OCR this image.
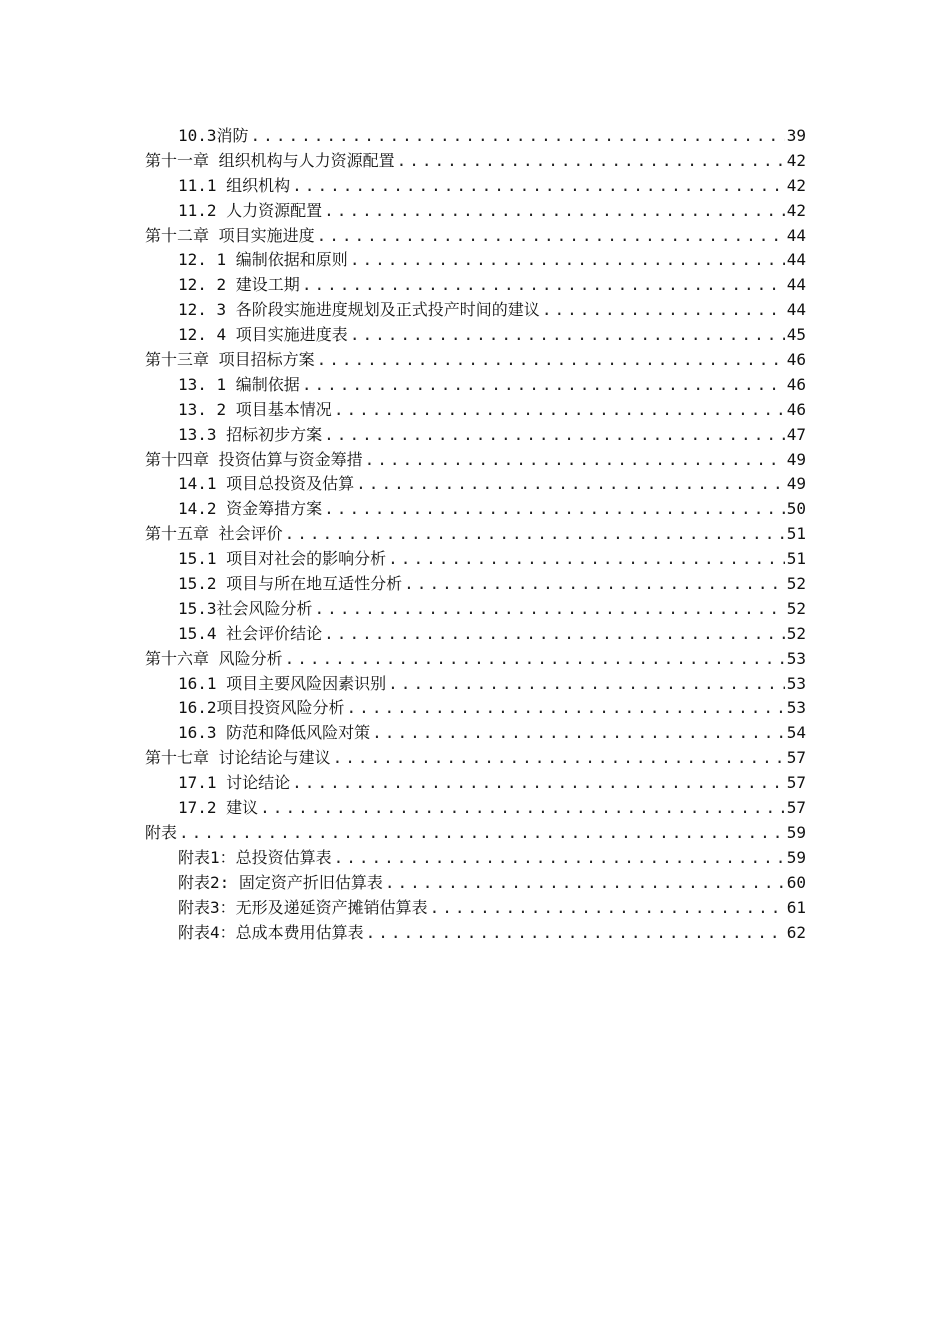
10.3消防 .....	39
第十一章 组织机构与人力资源配置 .....	42
11.1 组织机构 .....	42
11.2 人力资源配置 .....	42
第十二章 项目实施进度 .....	44
12. 1 编制依据和原则 .....	44
12. 2 建设工期 .....	44
12. 3 各阶段实施进度规划及正式投产时间的建议 .....	44
12. 4 项目实施进度表 .....	45
第十三章 项目招标方案 .....	46
13. 1 编制依据 .....	46
13. 2 项目基本情况 .....	46
13.3 招标初步方案 .....	47
第十四章 投资估算与资金筹措 .....	49
14.1 项目总投资及估算 .....	49
14.2 资金筹措方案 .....	50
第十五章 社会评价 .....	51
15.1 项目对社会的影响分析 .....	51
15.2 项目与所在地互适性分析 .....	52
15.3社会风险分析 .....	52
15.4 社会评价结论 .....	52
第十六章 风险分析 .....	53
16.1 项目主要风险因素识别 .....	53
16.2项目投资风险分析 .....	53
16.3 防范和降低风险对策 .....	54
第十七章 讨论结论与建议 .....	57
17.1 讨论结论 .....	57
17.2 建议 .....	57
附表 .....	59
附表1：总投资估算表 .....	59
附表2: 固定资产折旧估算表 .....	60
附表3：无形及递延资产摊销估算表 .....	61
附表4：总成本费用估算表 .....	62
